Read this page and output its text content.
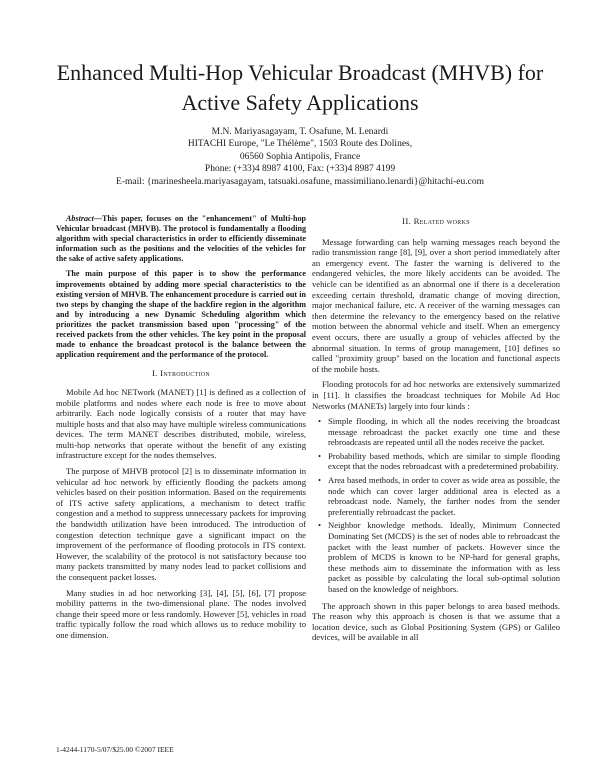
Enhanced Multi-Hop Vehicular Broadcast (MHVB) for Active Safety Applications
M.N. Mariyasagayam, T. Osafune, M. Lenardi
HITACHI Europe, "Le Thélème", 1503 Route des Dolines,
06560 Sophia Antipolis, France
Phone: (+33)4 8987 4100, Fax: (+33)4 8987 4199
E-mail: {marinesheela.mariyasagayam, tatsuaki.osafune, massimiliano.lenardi}@hitachi-eu.com

Abstract—This paper, focuses on the "enhancement" of Multi-hop Vehicular broadcast (MHVB). The protocol is fundamentally a flooding algorithm with special characteristics in order to efficiently disseminate information such as the positions and the velocities of the vehicles for the sake of active safety applications.

The main purpose of this paper is to show the performance improvements obtained by adding more special characteristics to the existing version of MHVB. The enhancement procedure is carried out in two steps by changing the shape of the backfire region in the algorithm and by introducing a new Dynamic Scheduling algorithm which prioritizes the packet transmission based upon "processing" of the received packets from the other vehicles. The key point in the proposal made to enhance the broadcast protocol is the balance between the application requirement and the performance of the protocol.

I. Introduction

Mobile Ad hoc NETwork (MANET) [1] is defined as a collection of mobile platforms and nodes where each node is free to move about arbitrarily. Each node logically consists of a router that may have multiple hosts and that also may have multiple wireless communications devices. The term MANET describes distributed, mobile, wireless, multi-hop networks that operate without the benefit of any existing infrastructure except for the nodes themselves.

The purpose of MHVB protocol [2] is to disseminate information in vehicular ad hoc network by efficiently flooding the packets among vehicles based on their position information. Based on the requirements of ITS active safety applications, a mechanism to detect traffic congestion and a method to suppress unnecessary packets for improving the bandwidth utilization have been introduced. The introduction of congestion detection technique gave a significant impact on the improvement of the performance of flooding protocols in ITS context. However, the scalability of the protocol is not satisfactory because too many packets transmitted by many nodes lead to packet collisions and the consequent packet losses.

Many studies in ad hoc networking [3], [4], [5], [6], [7] propose mobility patterns in the two-dimensional plane. The nodes involved change their speed more or less randomly. However [5], vehicles in road traffic typically follow the road which allows us to reduce mobility to one dimension.

II. Related works

Message forwarding can help warning messages reach beyond the radio transmission range [8], [9], over a short period immediately after an emergency event. The faster the warning is delivered to the endangered vehicles, the more likely accidents can be avoided. The vehicle can be identified as an abnormal one if there is a deceleration exceeding certain threshold, dramatic change of moving direction, major mechanical failure, etc. A receiver of the warning messages can then determine the relevancy to the emergency based on the relative motion between the abnormal vehicle and itself. When an emergency event occurs, there are usually a group of vehicles affected by the abnormal situation. In terms of group management, [10] defines so called "proximity group" based on the location and functional aspects of the mobile hosts.

Flooding protocols for ad hoc networks are extensively summarized in [11]. It classifies the broadcast techniques for Mobile Ad Hoc Networks (MANETs) largely into four kinds :

• Simple flooding, in which all the nodes receiving the broadcast message rebroadcast the packet exactly one time and these rebroadcasts are repeated until all the nodes receive the packet.
• Probability based methods, which are similar to simple flooding except that the nodes rebroadcast with a predetermined probability.
• Area based methods, in order to cover as wide area as possible, the node which can cover larger additional area is elected as a rebroadcast node. Namely, the farther nodes from the sender preferentially rebroadcast the packet.
• Neighbor knowledge methods. Ideally, Minimum Connected Dominating Set (MCDS) is the set of nodes able to rebroadcast the packet with the least number of packets. However since the problem of MCDS is known to be NP-hard for general graphs, these methods aim to disseminate the information with as less packet as possible by calculating the local sub-optimal solution based on the knowledge of neighbors.

The approach shown in this paper belongs to area based methods. The reason why this approach is chosen is that we assume that a location device, such as Global Positioning System (GPS) or Galileo devices, will be available in all

1-4244-1170-5/07/$25.00 ©2007 IEEE
